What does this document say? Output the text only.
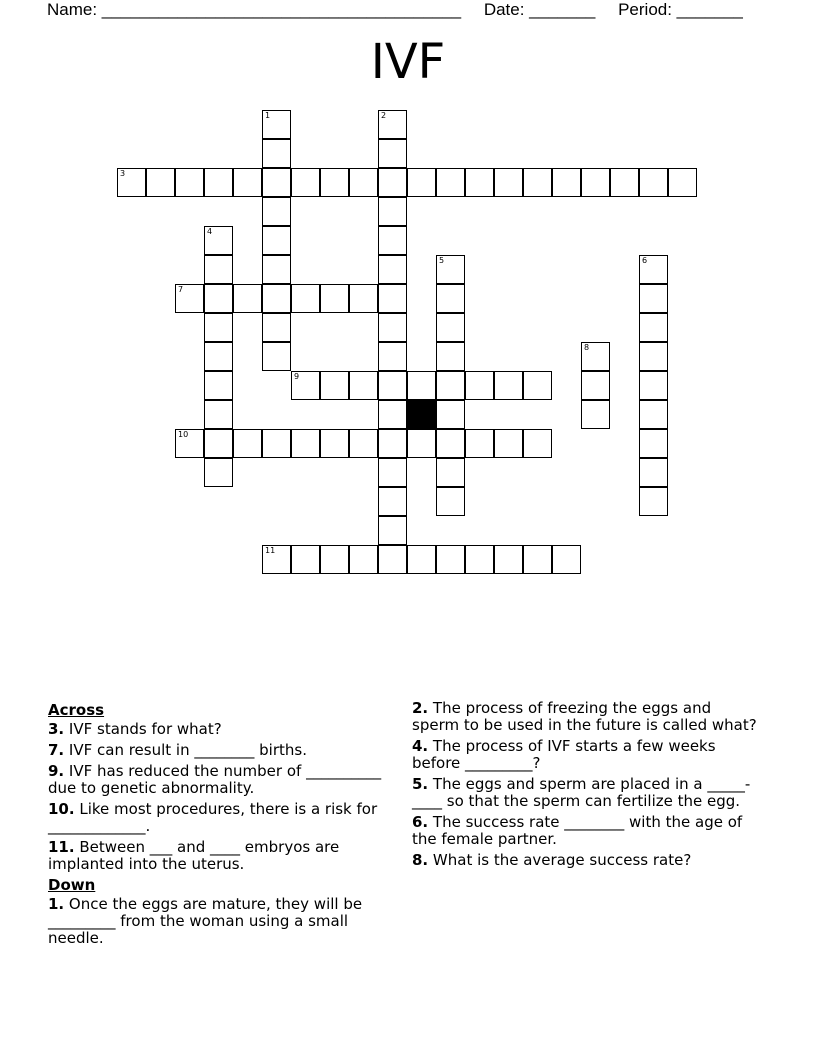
Name: ______________________________________ Date: _______ Period: _______
IVF
3
7
9
10
11
1	2
4
5	6
8
Across
3. IVF stands for what?
7. IVF can result in ________ births.
9. IVF has reduced the number of __________ due to genetic abnormality.
10. Like most procedures, there is a risk for _____________.
11. Between ___ and ____ embryos are implanted into the uterus.
Down
1. Once the eggs are mature, they will be _________ from the woman using a small needle.
2. The process of freezing the eggs and sperm to be used in the future is called what?
4. The process of IVF starts a few weeks before _________?
5. The eggs and sperm are placed in a _____- ____ so that the sperm can fertilize the egg.
6. The success rate ________ with the age of the female partner.
8. What is the average success rate?
